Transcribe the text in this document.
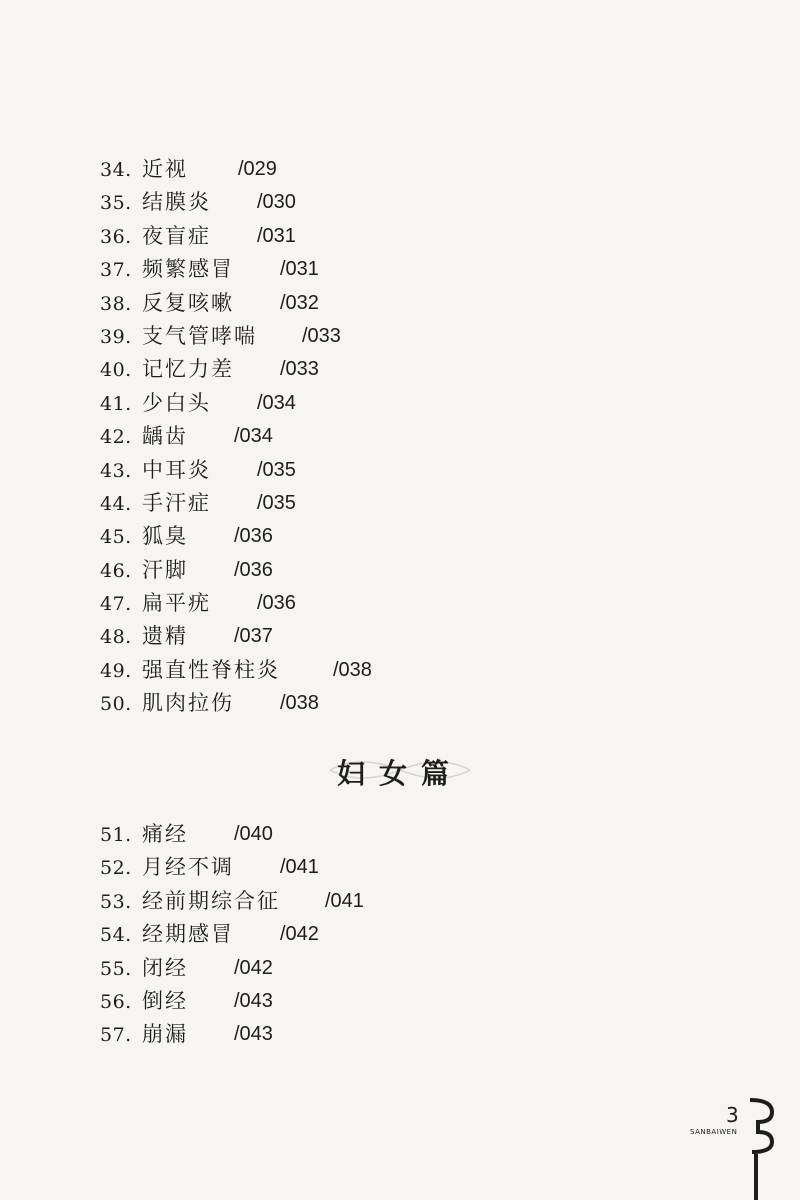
34. 近视	/029
35. 结膜炎 /030
36. 夜盲症 /031
37. 频繁感冒 /031
38. 反复咳嗽 /032
39. 支气管哮喘 /033
40. 记忆力差 /033
41. 少白头 /034
42. 龋齿 /034
43. 中耳炎 /035
44. 手汗症 /035
45. 狐臭 /036
46. 汗脚 /036
47. 扁平疣 /036
48. 遗精 /037
49. 强直性脊柱炎	/038
50. 肌肉拉伤 /038
妇女篇
51. 痛经 /040
52. 月经不调 /041
53. 经前期综合征 /041
54. 经期感冒 /042
55. 闭经 /042
56. 倒经 /043
57. 崩漏 /043
3
SANBAIWEN
